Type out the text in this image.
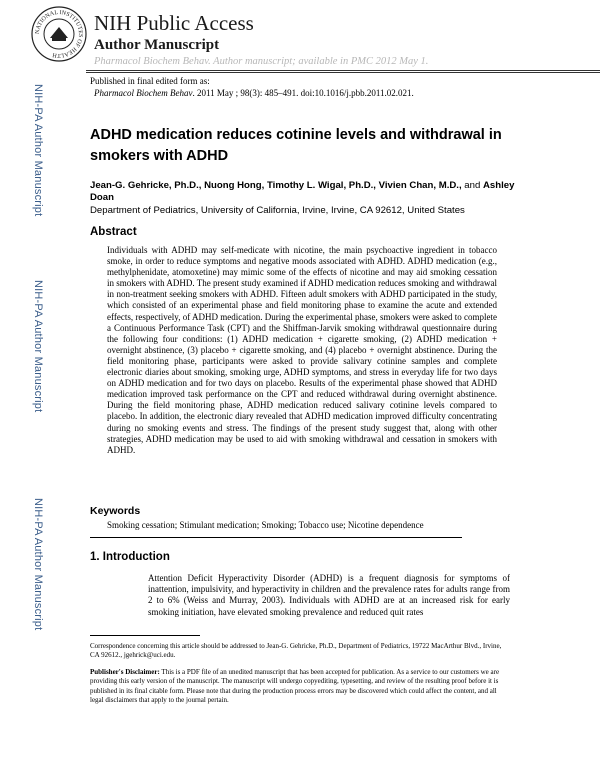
NATIONAL INSTITUTES OF HEALTH
NIH Public Access
Author Manuscript
Pharmacol Biochem Behav. Author manuscript; available in PMC 2012 May 1.
Published in final edited form as:
Pharmacol Biochem Behav. 2011 May ; 98(3): 485–491. doi:10.1016/j.pbb.2011.02.021.
NIH-PA Author Manuscript
NIH-PA Author Manuscript
NIH-PA Author Manuscript
ADHD medication reduces cotinine levels and withdrawal in smokers with ADHD
Jean-G. Gehricke, Ph.D., Nuong Hong, Timothy L. Wigal, Ph.D., Vivien Chan, M.D., and Ashley Doan
Department of Pediatrics, University of California, Irvine, Irvine, CA 92612, United States
Abstract
Individuals with ADHD may self-medicate with nicotine, the main psychoactive ingredient in tobacco smoke, in order to reduce symptoms and negative moods associated with ADHD. ADHD medication (e.g., methylphenidate, atomoxetine) may mimic some of the effects of nicotine and may aid smoking cessation in smokers with ADHD. The present study examined if ADHD medication reduces smoking and withdrawal in non-treatment seeking smokers with ADHD. Fifteen adult smokers with ADHD participated in the study, which consisted of an experimental phase and field monitoring phase to examine the acute and extended effects, respectively, of ADHD medication. During the experimental phase, smokers were asked to complete a Continuous Performance Task (CPT) and the Shiffman-Jarvik smoking withdrawal questionnaire during the following four conditions: (1) ADHD medication + cigarette smoking, (2) ADHD medication + overnight abstinence, (3) placebo + cigarette smoking, and (4) placebo + overnight abstinence. During the field monitoring phase, participants were asked to provide salivary cotinine samples and complete electronic diaries about smoking, smoking urge, ADHD symptoms, and stress in everyday life for two days on ADHD medication and for two days on placebo. Results of the experimental phase showed that ADHD medication improved task performance on the CPT and reduced withdrawal during overnight abstinence. During the field monitoring phase, ADHD medication reduced salivary cotinine levels compared to placebo. In addition, the electronic diary revealed that ADHD medication improved difficulty concentrating during no smoking events and stress. The findings of the present study suggest that, along with other strategies, ADHD medication may be used to aid with smoking withdrawal and cessation in smokers with ADHD.
Keywords
Smoking cessation; Stimulant medication; Smoking; Tobacco use; Nicotine dependence
1. Introduction
Attention Deficit Hyperactivity Disorder (ADHD) is a frequent diagnosis for symptoms of inattention, impulsivity, and hyperactivity in children and the prevalence rates for adults range from 2 to 6% (Weiss and Murray, 2003). Individuals with ADHD are at an increased risk for early smoking initiation, have elevated smoking prevalence and reduced quit rates
Correspondence concerning this article should be addressed to Jean-G. Gehricke, Ph.D., Department of Pediatrics, 19722 MacArthur Blvd., Irvine, CA 92612., jgehrick@uci.edu.
Publisher's Disclaimer: This is a PDF file of an unedited manuscript that has been accepted for publication. As a service to our customers we are providing this early version of the manuscript. The manuscript will undergo copyediting, typesetting, and review of the resulting proof before it is published in its final citable form. Please note that during the production process errors may be discovered which could affect the content, and all legal disclaimers that apply to the journal pertain.
